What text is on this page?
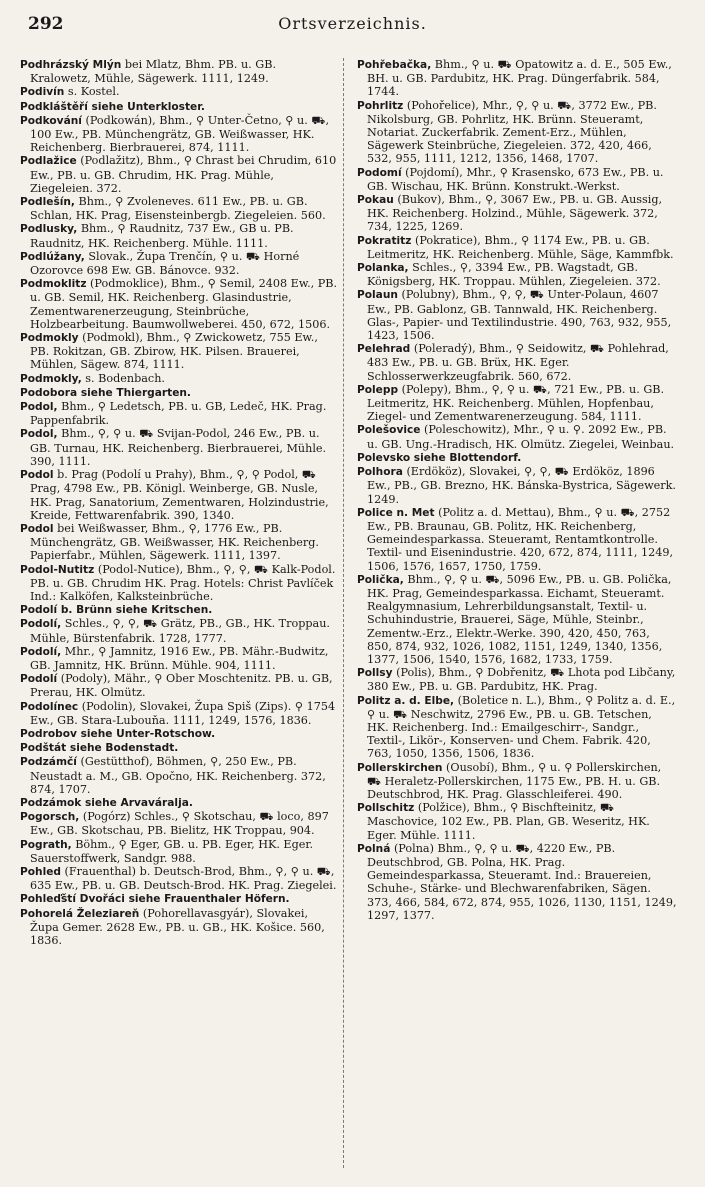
292	Ortsverzeichnis.
Podhrázský Mlýn bei Mlatz, Bhm. PB. u. GB. Kralowetz, Mühle, Sägewerk. 1111, 1249.
Podivín s. Kostel.
Podkláštěří siehe Unterkloster.
Podkování (Podkowán), Bhm., ⚲ Unter-Četno, ⚲ u. ⛟, 100 Ew., PB. Münchengrätz, GB. Weißwasser, HK. Reichenberg. Bierbrauerei, 874, 1111.
Podlažice (Podlažitz), Bhm., ⚲ Chrast bei Chrudim, 610 Ew., PB. u. GB. Chrudim, HK. Prag. Mühle, Ziegeleien. 372.
Podlešín, Bhm., ⚲ Zvoleneves. 611 Ew., PB. u. GB. Schlan, HK. Prag, Eisensteinbergb. Ziegeleien. 560.
Podlusky, Bhm., ⚲ Raudnitz, 737 Ew., GB u. PB. Raudnitz, HK. Reichenberg. Mühle. 1111.
Podlúžany, Slovak., Župa Trenčín, ⚲ u. ⛟ Horné Ozorovce 698 Ew. GB. Bánovce. 932.
Podmoklitz (Podmoklice), Bhm., ⚲ Semil, 2408 Ew., PB. u. GB. Semil, HK. Reichenberg. Glasindustrie, Zementwarenerzeugung, Steinbrüche, Holzbearbeitung. Baumwollweberei. 450, 672, 1506.
Podmokly (Podmokl), Bhm., ⚲ Zwickowetz, 755 Ew., PB. Rokitzan, GB. Zbirow, HK. Pilsen. Brauerei, Mühlen, Sägew. 874, 1111.
Podmokly, s. Bodenbach.
Podobora siehe Thiergarten.
Podol, Bhm., ⚲ Ledetsch, PB. u. GB, Ledeč, HK. Prag. Pappenfabrik.
Podol, Bhm., ⚲, ⚲ u. ⛟ Svijan-Podol, 246 Ew., PB. u. GB. Turnau, HK. Reichenberg. Bierbrauerei, Mühle. 390, 1111.
Podol b. Prag (Podolí u Prahy), Bhm., ⚲, ⚲ Podol, ⛟ Prag, 4798 Ew., PB. Königl. Weinberge, GB. Nusle, HK. Prag, Sanatorium, Zementwaren, Holzindustrie, Kreide, Fettwarenfabrik. 390, 1340.
Podol bei Weißwasser, Bhm., ⚲, 1776 Ew., PB. Münchengrätz, GB. Weißwasser, HK. Reichenberg. Papierfabr., Mühlen, Sägewerk. 1111, 1397.
Podol-Nutitz (Podol-Nutice), Bhm., ⚲, ⚲, ⛟ Kalk-Podol. PB. u. GB. Chrudim HK. Prag. Hotels: Christ Pavlíček Ind.: Kalköfen, Kalksteinbrüche.
Podolí b. Brünn siehe Kritschen.
Podolí, Schles., ⚲, ⚲, ⛟ Grätz, PB., GB., HK. Troppau. Mühle, Bürstenfabrik. 1728, 1777.
Podolí, Mhr., ⚲ Jamnitz, 1916 Ew., PB. Mähr.-Budwitz, GB. Jamnitz, HK. Brünn. Mühle. 904, 1111.
Podolí (Podoly), Mähr., ⚲ Ober Moschtenitz. PB. u. GB, Prerau, HK. Olmütz.
Podolínec (Podolin), Slovakei, Župa Spiš (Zips). ⚲ 1754 Ew., GB. Stara-Lubouňa. 1111, 1249, 1576, 1836.
Podrobov siehe Unter-Rotschow.
Podštát siehe Bodenstadt.
Podzámčí (Gestütthof), Böhmen, ⚲, 250 Ew., PB. Neustadt a. M., GB. Opočno, HK. Reichenberg. 372, 874, 1707.
Podzámok siehe Arvaváralja.
Pogorsch, (Pogórz) Schles., ⚲ Skotschau, ⛟ loco, 897 Ew., GB. Skotschau, PB. Bielitz, HK Troppau, 904.
Pograth, Böhm., ⚲ Eger, GB. u. PB. Eger, HK. Eger. Sauerstoffwerk, Sandgr. 988.
Pohled (Frauenthal) b. Deutsch-Brod, Bhm., ⚲, ⚲ u. ⛟, 635 Ew., PB. u. GB. Deutsch-Brod. HK. Prag. Ziegelei.
Pohleďští Dvořáci siehe Frauenthaler Höfern.
Pohorelá Železiareň (Pohorellavasgyár), Slovakei, Župa Gemer. 2628 Ew., PB. u. GB., HK. Košice. 560, 1836.
Pohřebačka, Bhm., ⚲ u. ⛟ Opatowitz a. d. E., 505 Ew., BH. u. GB. Pardubitz, HK. Prag. Düngerfabrik. 584, 1744.
Pohrlitz (Pohořelice), Mhr., ⚲, ⚲ u. ⛟, 3772 Ew., PB. Nikolsburg, GB. Pohrlitz, HK. Brünn. Steueramt, Notariat. Zuckerfabrik. Zement-Erz., Mühlen, Sägewerk Steinbrüche, Ziegeleien. 372, 420, 466, 532, 955, 1111, 1212, 1356, 1468, 1707.
Podomí (Pojdomí), Mhr., ⚲ Krasensko, 673 Ew., PB. u. GB. Wischau, HK. Brünn. Konstrukt.-Werkst.
Pokau (Bukov), Bhm., ⚲, 3067 Ew., PB. u. GB. Aussig, HK. Reichenberg. Holzind., Mühle, Sägewerk. 372, 734, 1225, 1269.
Pokratitz (Pokratice), Bhm., ⚲ 1174 Ew., PB. u. GB. Leitmeritz, HK. Reichenberg. Mühle, Säge, Kammfbk.
Polanka, Schles., ⚲, 3394 Ew., PB. Wagstadt, GB. Königsberg, HK. Troppau. Mühlen, Ziegeleien. 372.
Polaun (Polubny), Bhm., ⚲, ⚲, ⛟ Unter-Polaun, 4607 Ew., PB. Gablonz, GB. Tannwald, HK. Reichenberg. Glas-, Papier- und Textilindustrie. 490, 763, 932, 955, 1423, 1506.
Pelehrad (Poleradý), Bhm., ⚲ Seidowitz, ⛟ Pohlehrad, 483 Ew., PB. u. GB. Brüx, HK. Eger. Schlosserwerkzeugfabrik. 560, 672.
Polepp (Polepy), Bhm., ⚲, ⚲ u. ⛟, 721 Ew., PB. u. GB. Leitmeritz, HK. Reichenberg. Mühlen, Hopfenbau, Ziegel- und Zementwarenerzeugung. 584, 1111.
Polešovice (Poleschowitz), Mhr., ⚲ u. ⚲. 2092 Ew., PB. u. GB. Ung.-Hradisch, HK. Olmütz. Ziegelei, Weinbau.
Polevsko siehe Blottendorf.
Polhora (Erdököz), Slovakei, ⚲, ⚲, ⛟ Erdököz, 1896 Ew., PB., GB. Brezno, HK. Bánska-Bystrica, Sägewerk. 1249.
Police n. Met (Politz a. d. Mettau), Bhm., ⚲ u. ⛟, 2752 Ew., PB. Braunau, GB. Politz, HK. Reichenberg, Gemeindesparkassa. Steueramt, Rentamtkontrolle. Textil- und Eisenindustrie. 420, 672, 874, 1111, 1249, 1506, 1576, 1657, 1750, 1759.
Polička, Bhm., ⚲, ⚲ u. ⛟, 5096 Ew., PB. u. GB. Polička, HK. Prag, Gemeindesparkassa. Eichamt, Steueramt. Realgymnasium, Lehrerbildungsanstalt, Textil- u. Schuhindustrie, Brauerei, Säge, Mühle, Steinbr., Zementw.-Erz., Elektr.-Werke. 390, 420, 450, 763, 850, 874, 932, 1026, 1082, 1151, 1249, 1340, 1356, 1377, 1506, 1540, 1576, 1682, 1733, 1759.
Pollsy (Polis), Bhm., ⚲ Dobřenitz, ⛟ Lhota pod Libčany, 380 Ew., PB. u. GB. Pardubitz, HK. Prag.
Politz a. d. Elbe, (Boletice n. L.), Bhm., ⚲ Politz a. d. E., ⚲ u. ⛟ Neschwitz, 2796 Ew., PB. u. GB. Tetschen, HK. Reichenberg. Ind.: Emailgeschirr-, Sandgr., Textil-, Likör-, Konserven- und Chem. Fabrik. 420, 763, 1050, 1356, 1506, 1836.
Pollerskirchen (Ousobí), Bhm., ⚲ u. ⚲ Pollerskirchen, ⛟ Heraletz-Pollerskirchen, 1175 Ew., PB. H. u. GB. Deutschbrod, HK. Prag. Glasschleiferei. 490.
Pollschitz (Polžice), Bhm., ⚲ Bischfteinitz, ⛟ Maschovice, 102 Ew., PB. Plan, GB. Weseritz, HK. Eger. Mühle. 1111.
Polná (Polna) Bhm., ⚲, ⚲ u. ⛟, 4220 Ew., PB. Deutschbrod, GB. Polna, HK. Prag. Gemeindesparkassa, Steueramt. Ind.: Brauereien, Schuhe-, Stärke- und Blechwarenfabriken, Sägen. 373, 466, 584, 672, 874, 955, 1026, 1130, 1151, 1249, 1297, 1377.
